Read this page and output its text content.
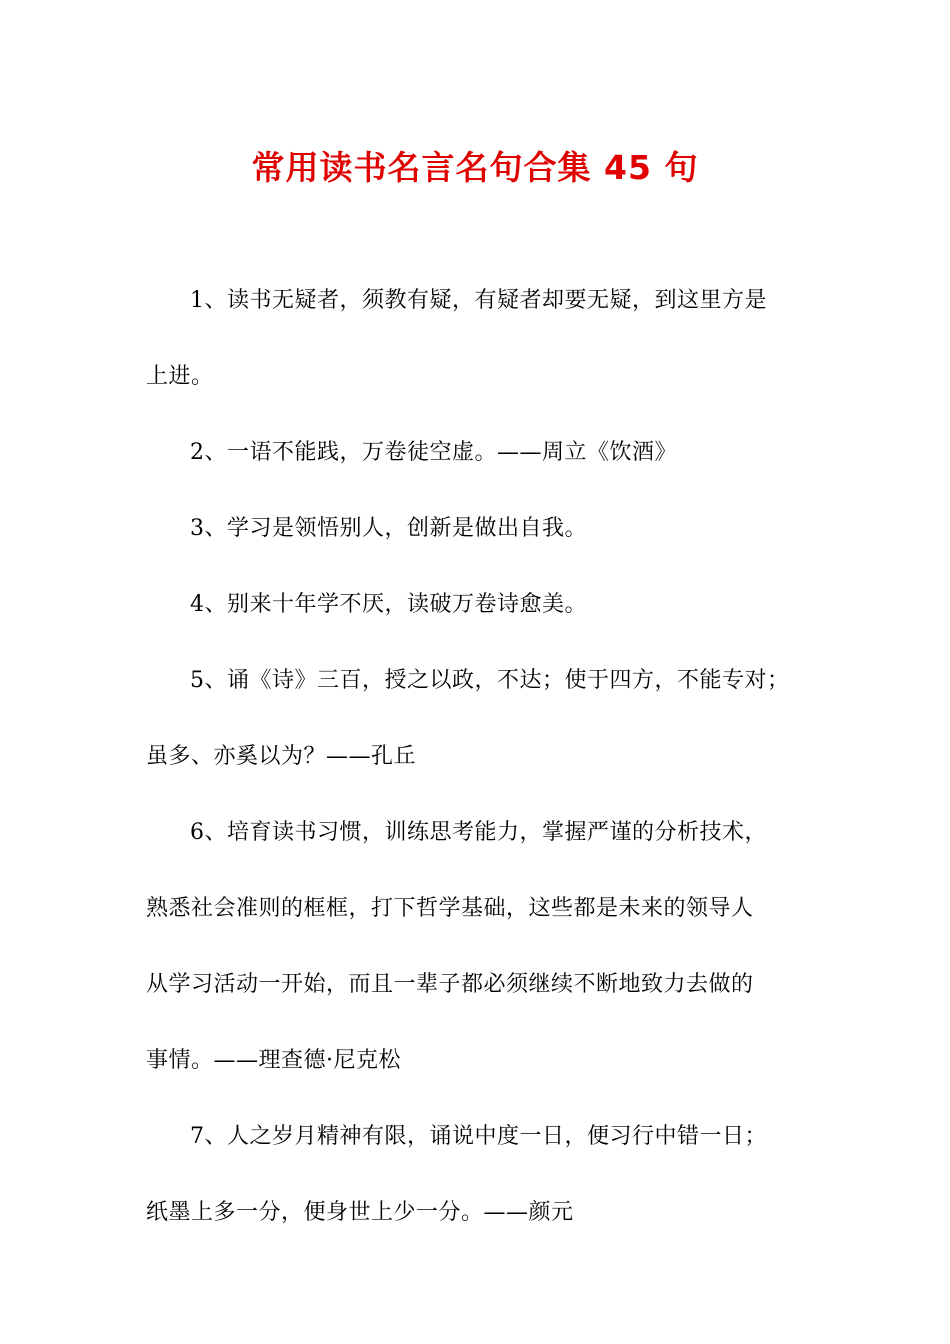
常用读书名言名句合集 45 句

1、读书无疑者，须教有疑，有疑者却要无疑，到这里方是
上进。

2、一语不能践，万卷徒空虚。——周立《饮酒》

3、学习是领悟别人，创新是做出自我。

4、别来十年学不厌，读破万卷诗愈美。

5、诵《诗》三百，授之以政，不达；使于四方，不能专对；
虽多、亦奚以为？——孔丘

6、培育读书习惯，训练思考能力，掌握严谨的分析技术，
熟悉社会准则的框框，打下哲学基础，这些都是未来的领导人
从学习活动一开始，而且一辈子都必须继续不断地致力去做的
事情。——理查德·尼克松

7、人之岁月精神有限，诵说中度一日，便习行中错一日；
纸墨上多一分，便身世上少一分。——颜元
